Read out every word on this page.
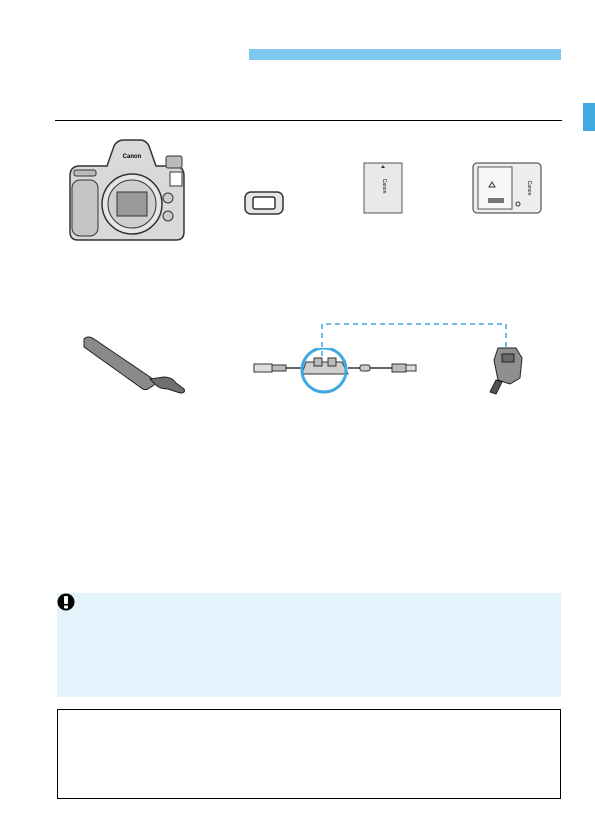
Canon
Canon	Canon
